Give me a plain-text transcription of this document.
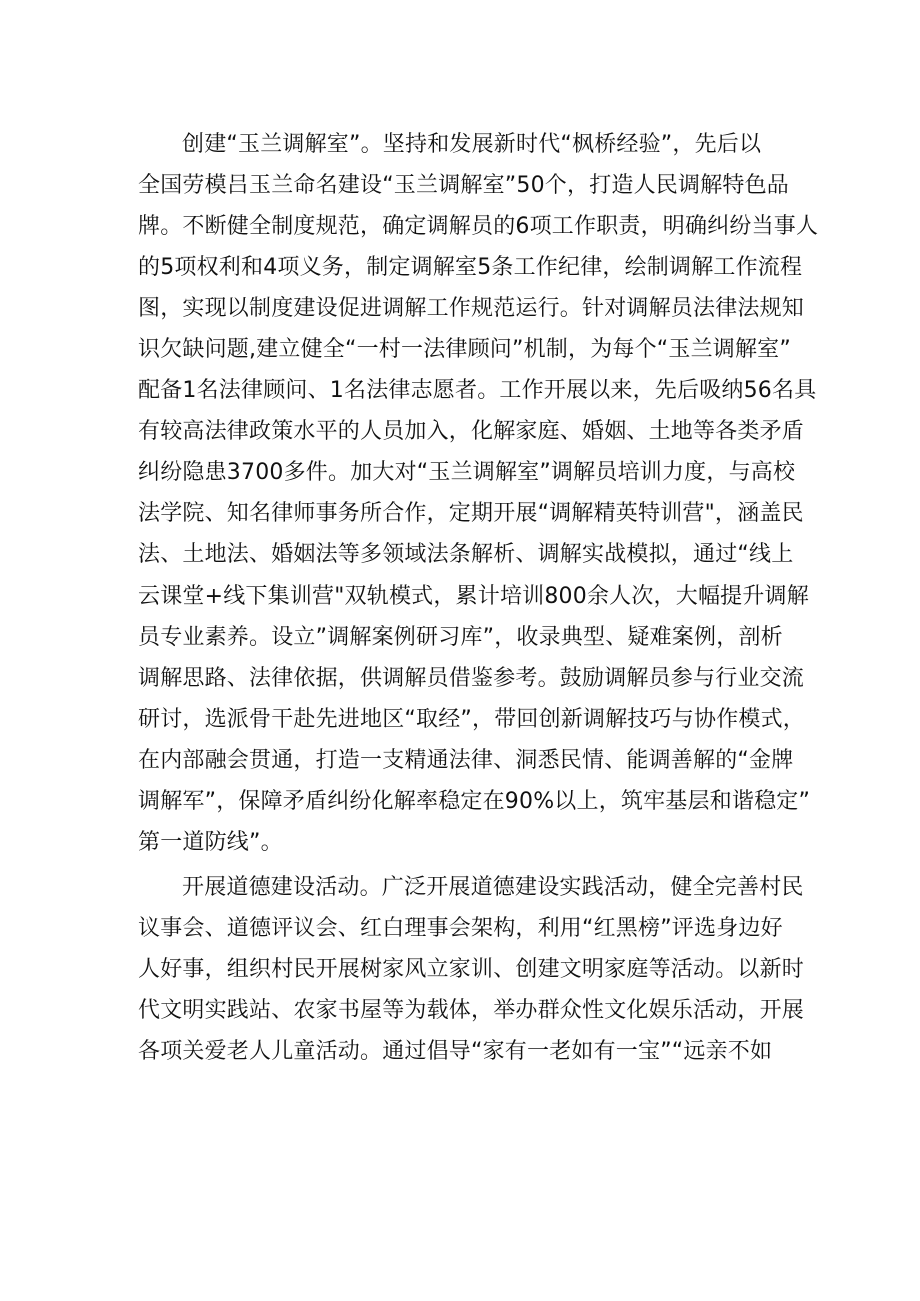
创建“玉兰调解室”。坚持和发展新时代“枫桥经验”，先后以
全国劳模吕玉兰命名建设“玉兰调解室”50个，打造人民调解特色品
牌。不断健全制度规范，确定调解员的6项工作职责，明确纠纷当事人
的5项权利和4项义务，制定调解室5条工作纪律，绘制调解工作流程
图，实现以制度建设促进调解工作规范运行。针对调解员法律法规知
识欠缺问题,建立健全“一村一法律顾问”机制，为每个“玉兰调解室”
配备1名法律顾问、1名法律志愿者。工作开展以来，先后吸纳56名具
有较高法律政策水平的人员加入，化解家庭、婚姻、土地等各类矛盾
纠纷隐患3700多件。加大对“玉兰调解室”调解员培训力度，与高校
法学院、知名律师事务所合作，定期开展“调解精英特训营"，涵盖民
法、土地法、婚姻法等多领域法条解析、调解实战模拟，通过“线上
云课堂+线下集训营"双轨模式，累计培训800余人次，大幅提升调解
员专业素养。设立”调解案例研习库”，收录典型、疑难案例，剖析
调解思路、法律依据，供调解员借鉴参考。鼓励调解员参与行业交流
研讨，选派骨干赴先进地区“取经”，带回创新调解技巧与协作模式，
在内部融会贯通，打造一支精通法律、洞悉民情、能调善解的“金牌
调解军”，保障矛盾纠纷化解率稳定在90%以上，筑牢基层和谐稳定”
第一道防线”。
开展道德建设活动。广泛开展道德建设实践活动，健全完善村民
议事会、道德评议会、红白理事会架构，利用“红黑榜”评选身边好
人好事，组织村民开展树家风立家训、创建文明家庭等活动。以新时
代文明实践站、农家书屋等为载体，举办群众性文化娱乐活动，开展
各项关爱老人儿童活动。通过倡导“家有一老如有一宝”“远亲不如
